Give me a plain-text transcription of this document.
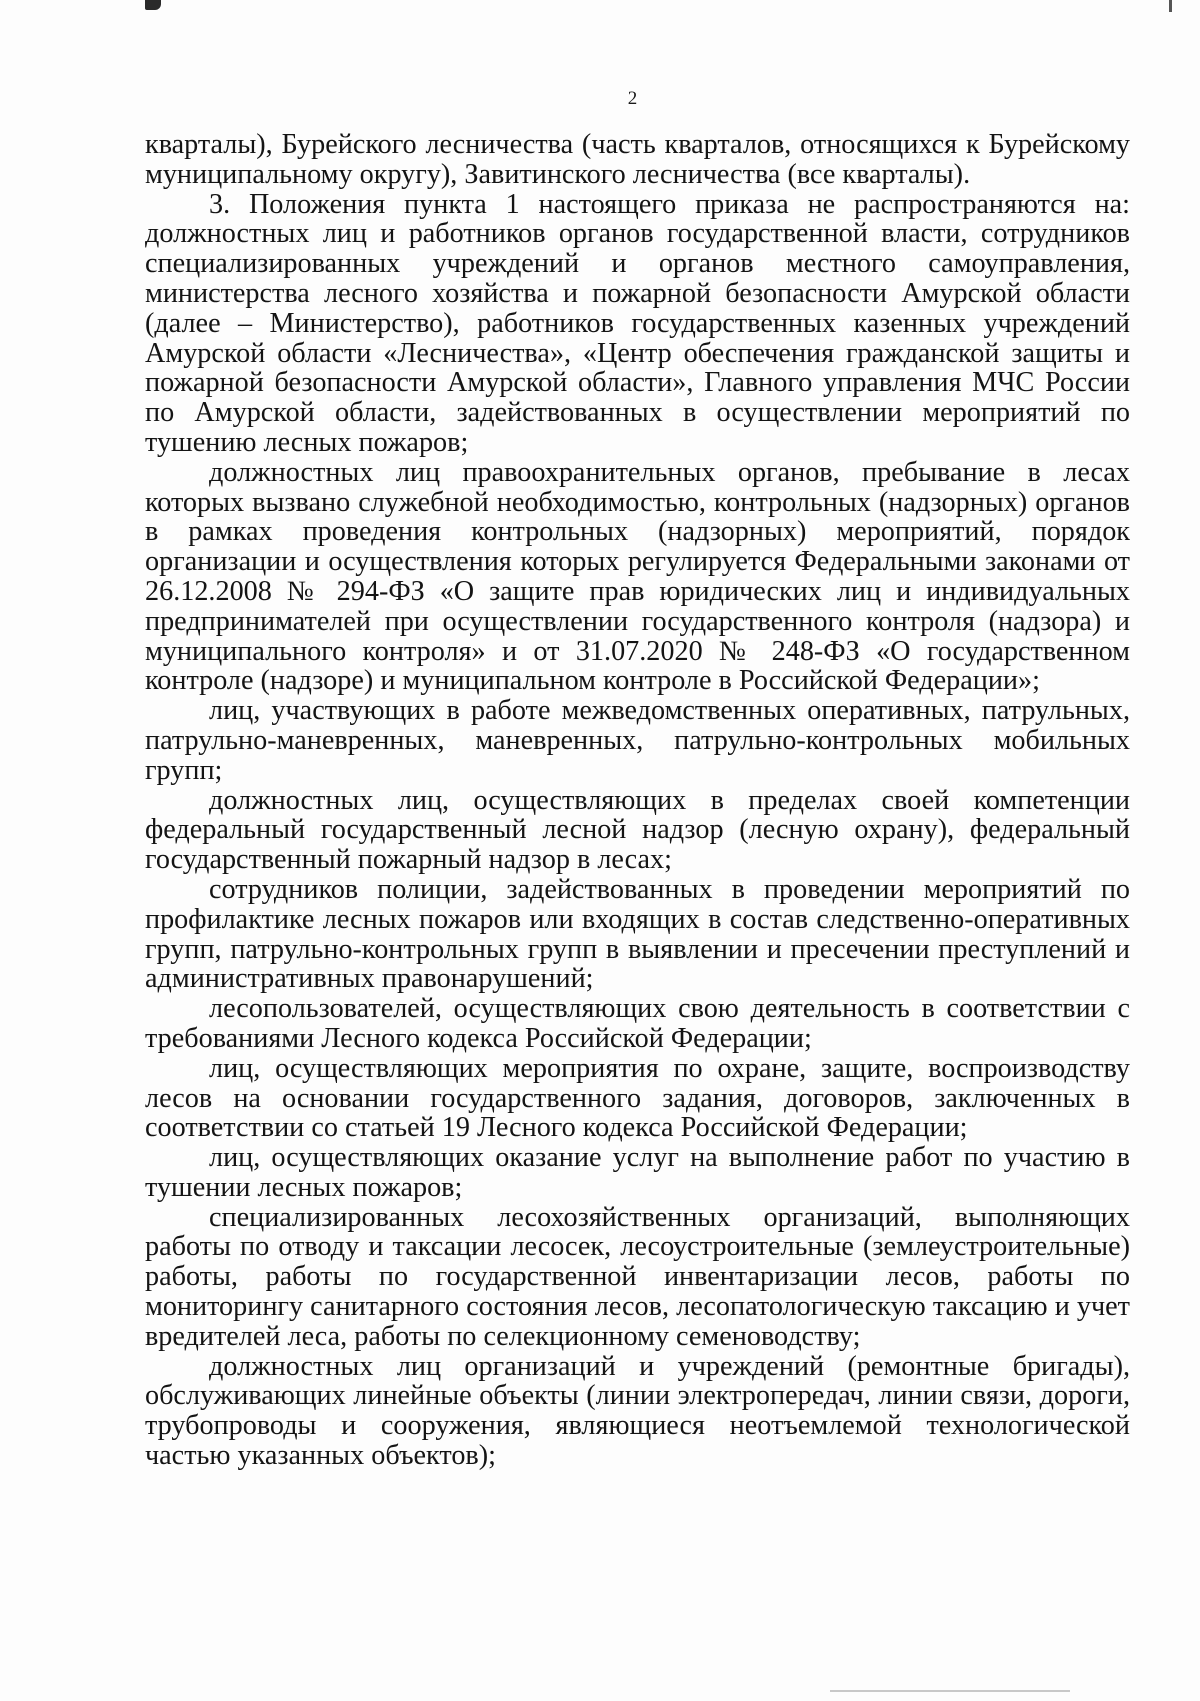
2

кварталы), Бурейского лесничества (часть кварталов, относящихся к Бурейскому муниципальному округу), Завитинского лесничества (все кварталы).

3. Положения пункта 1 настоящего приказа не распространяются на: должностных лиц и работников органов государственной власти, сотрудников специализированных учреждений и органов местного самоуправления, министерства лесного хозяйства и пожарной безопасности Амурской области (далее – Министерство), работников государственных казенных учреждений Амурской области «Лесничества», «Центр обеспечения гражданской защиты и пожарной безопасности Амурской области», Главного управления МЧС России по Амурской области, задействованных в осуществлении мероприятий по тушению лесных пожаров;

должностных лиц правоохранительных органов, пребывание в лесах которых вызвано служебной необходимостью, контрольных (надзорных) органов в рамках проведения контрольных (надзорных) мероприятий, порядок организации и осуществления которых регулируется Федеральными законами от 26.12.2008 № 294-ФЗ «О защите прав юридических лиц и индивидуальных предпринимателей при осуществлении государственного контроля (надзора) и муниципального контроля» и от 31.07.2020 № 248-ФЗ «О государственном контроле (надзоре) и муниципальном контроле в Российской Федерации»;

лиц, участвующих в работе межведомственных оперативных, патрульных, патрульно-маневренных, маневренных, патрульно-контрольных мобильных групп;

должностных лиц, осуществляющих в пределах своей компетенции федеральный государственный лесной надзор (лесную охрану), федеральный государственный пожарный надзор в лесах;

сотрудников полиции, задействованных в проведении мероприятий по профилактике лесных пожаров или входящих в состав следственно-оперативных групп, патрульно-контрольных групп в выявлении и пресечении преступлений и административных правонарушений;

лесопользователей, осуществляющих свою деятельность в соответствии с требованиями Лесного кодекса Российской Федерации;

лиц, осуществляющих мероприятия по охране, защите, воспроизводству лесов на основании государственного задания, договоров, заключенных в соответствии со статьей 19 Лесного кодекса Российской Федерации;

лиц, осуществляющих оказание услуг на выполнение работ по участию в тушении лесных пожаров;

специализированных лесохозяйственных организаций, выполняющих работы по отводу и таксации лесосек, лесоустроительные (землеустроительные) работы, работы по государственной инвентаризации лесов, работы по мониторингу санитарного состояния лесов, лесопатологическую таксацию и учет вредителей леса, работы по селекционному семеноводству;

должностных лиц организаций и учреждений (ремонтные бригады), обслуживающих линейные объекты (линии электропередач, линии связи, дороги, трубопроводы и сооружения, являющиеся неотъемлемой технологической частью указанных объектов);
